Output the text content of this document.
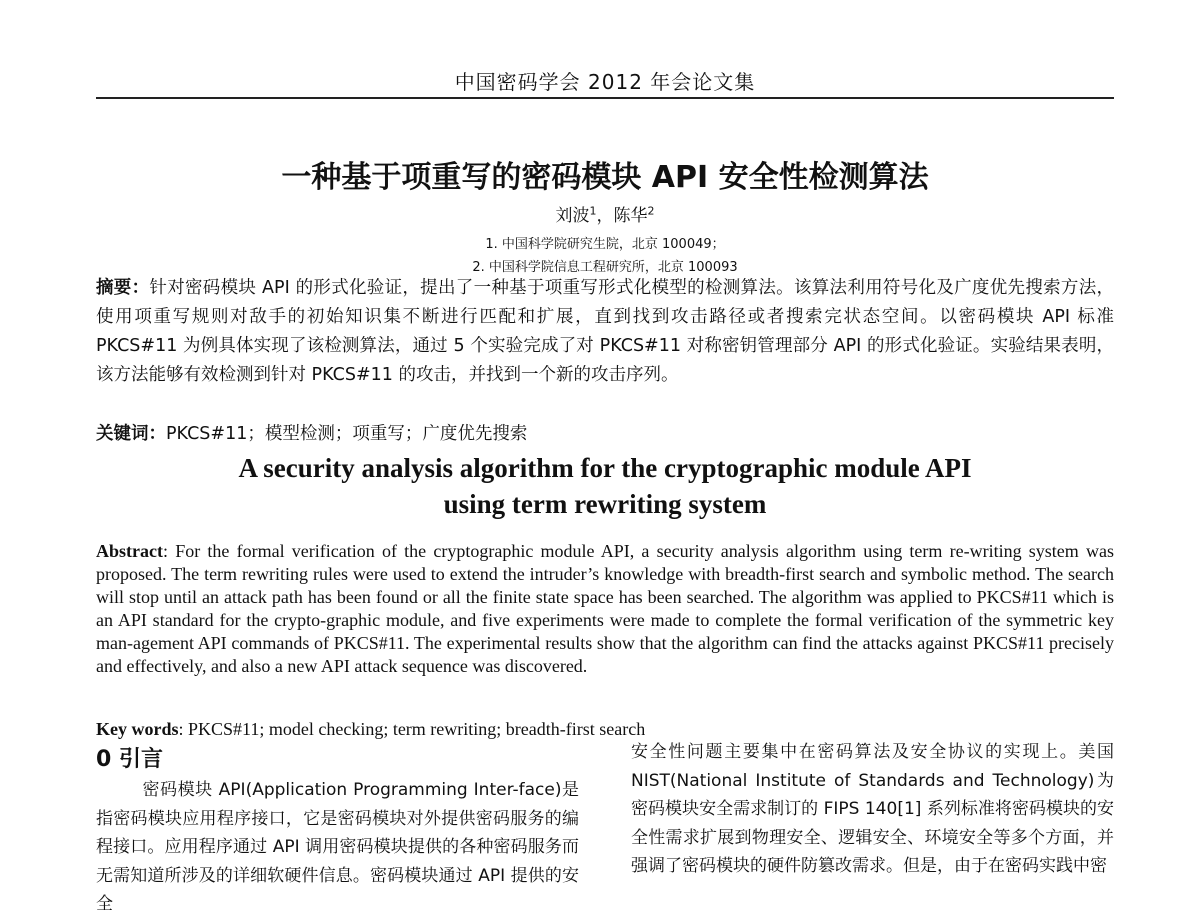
中国密码学会 2012 年会论文集
一种基于项重写的密码模块 API 安全性检测算法
刘波$^1$，陈华$^2$
1. 中国科学院研究生院，北京 100049；
2. 中国科学院信息工程研究所，北京 100093
摘要：针对密码模块 API 的形式化验证，提出了一种基于项重写形式化模型的检测算法。该算法利用符号化及广度优先搜索方法，使用项重写规则对敌手的初始知识集不断进行匹配和扩展，直到找到攻击路径或者搜索完状态空间。以密码模块 API 标准 PKCS#11 为例具体实现了该检测算法，通过 5 个实验完成了对 PKCS#11 对称密钥管理部分 API 的形式化验证。实验结果表明，该方法能够有效检测到针对 PKCS#11 的攻击，并找到一个新的攻击序列。
关键词：PKCS#11；模型检测；项重写；广度优先搜索
A security analysis algorithm for the cryptographic module API
using term rewriting system
Abstract: For the formal verification of the cryptographic module API, a security analysis algorithm using term re-writing system was proposed. The term rewriting rules were used to extend the intruder’s knowledge with breadth-first search and symbolic method. The search will stop until an attack path has been found or all the finite state space has been searched. The algorithm was applied to PKCS#11 which is an API standard for the crypto-graphic module, and five experiments were made to complete the formal verification of the symmetric key man-agement API commands of PKCS#11. The experimental results show that the algorithm can find the attacks against PKCS#11 precisely and effectively, and also a new API attack sequence was discovered.
Key words: PKCS#11; model checking; term rewriting; breadth-first search
0 引言
密码模块 API(Application Programming Inter-face)是指密码模块应用程序接口，它是密码模块对外提供密码服务的编程接口。应用程序通过 API 调用密码模块提供的各种密码服务而无需知道所涉及的详细软硬件信息。密码模块通过 API 提供的安全
安全性问题主要集中在密码算法及安全协议的实现上。美国 NIST(National Institute of Standards and Technology)为密码模块安全需求制订的 FIPS 140[1] 系列标准将密码模块的安全性需求扩展到物理安全、逻辑安全、环境安全等多个方面，并强调了密码模块的硬件防篡改需求。但是，由于在密码实践中密
